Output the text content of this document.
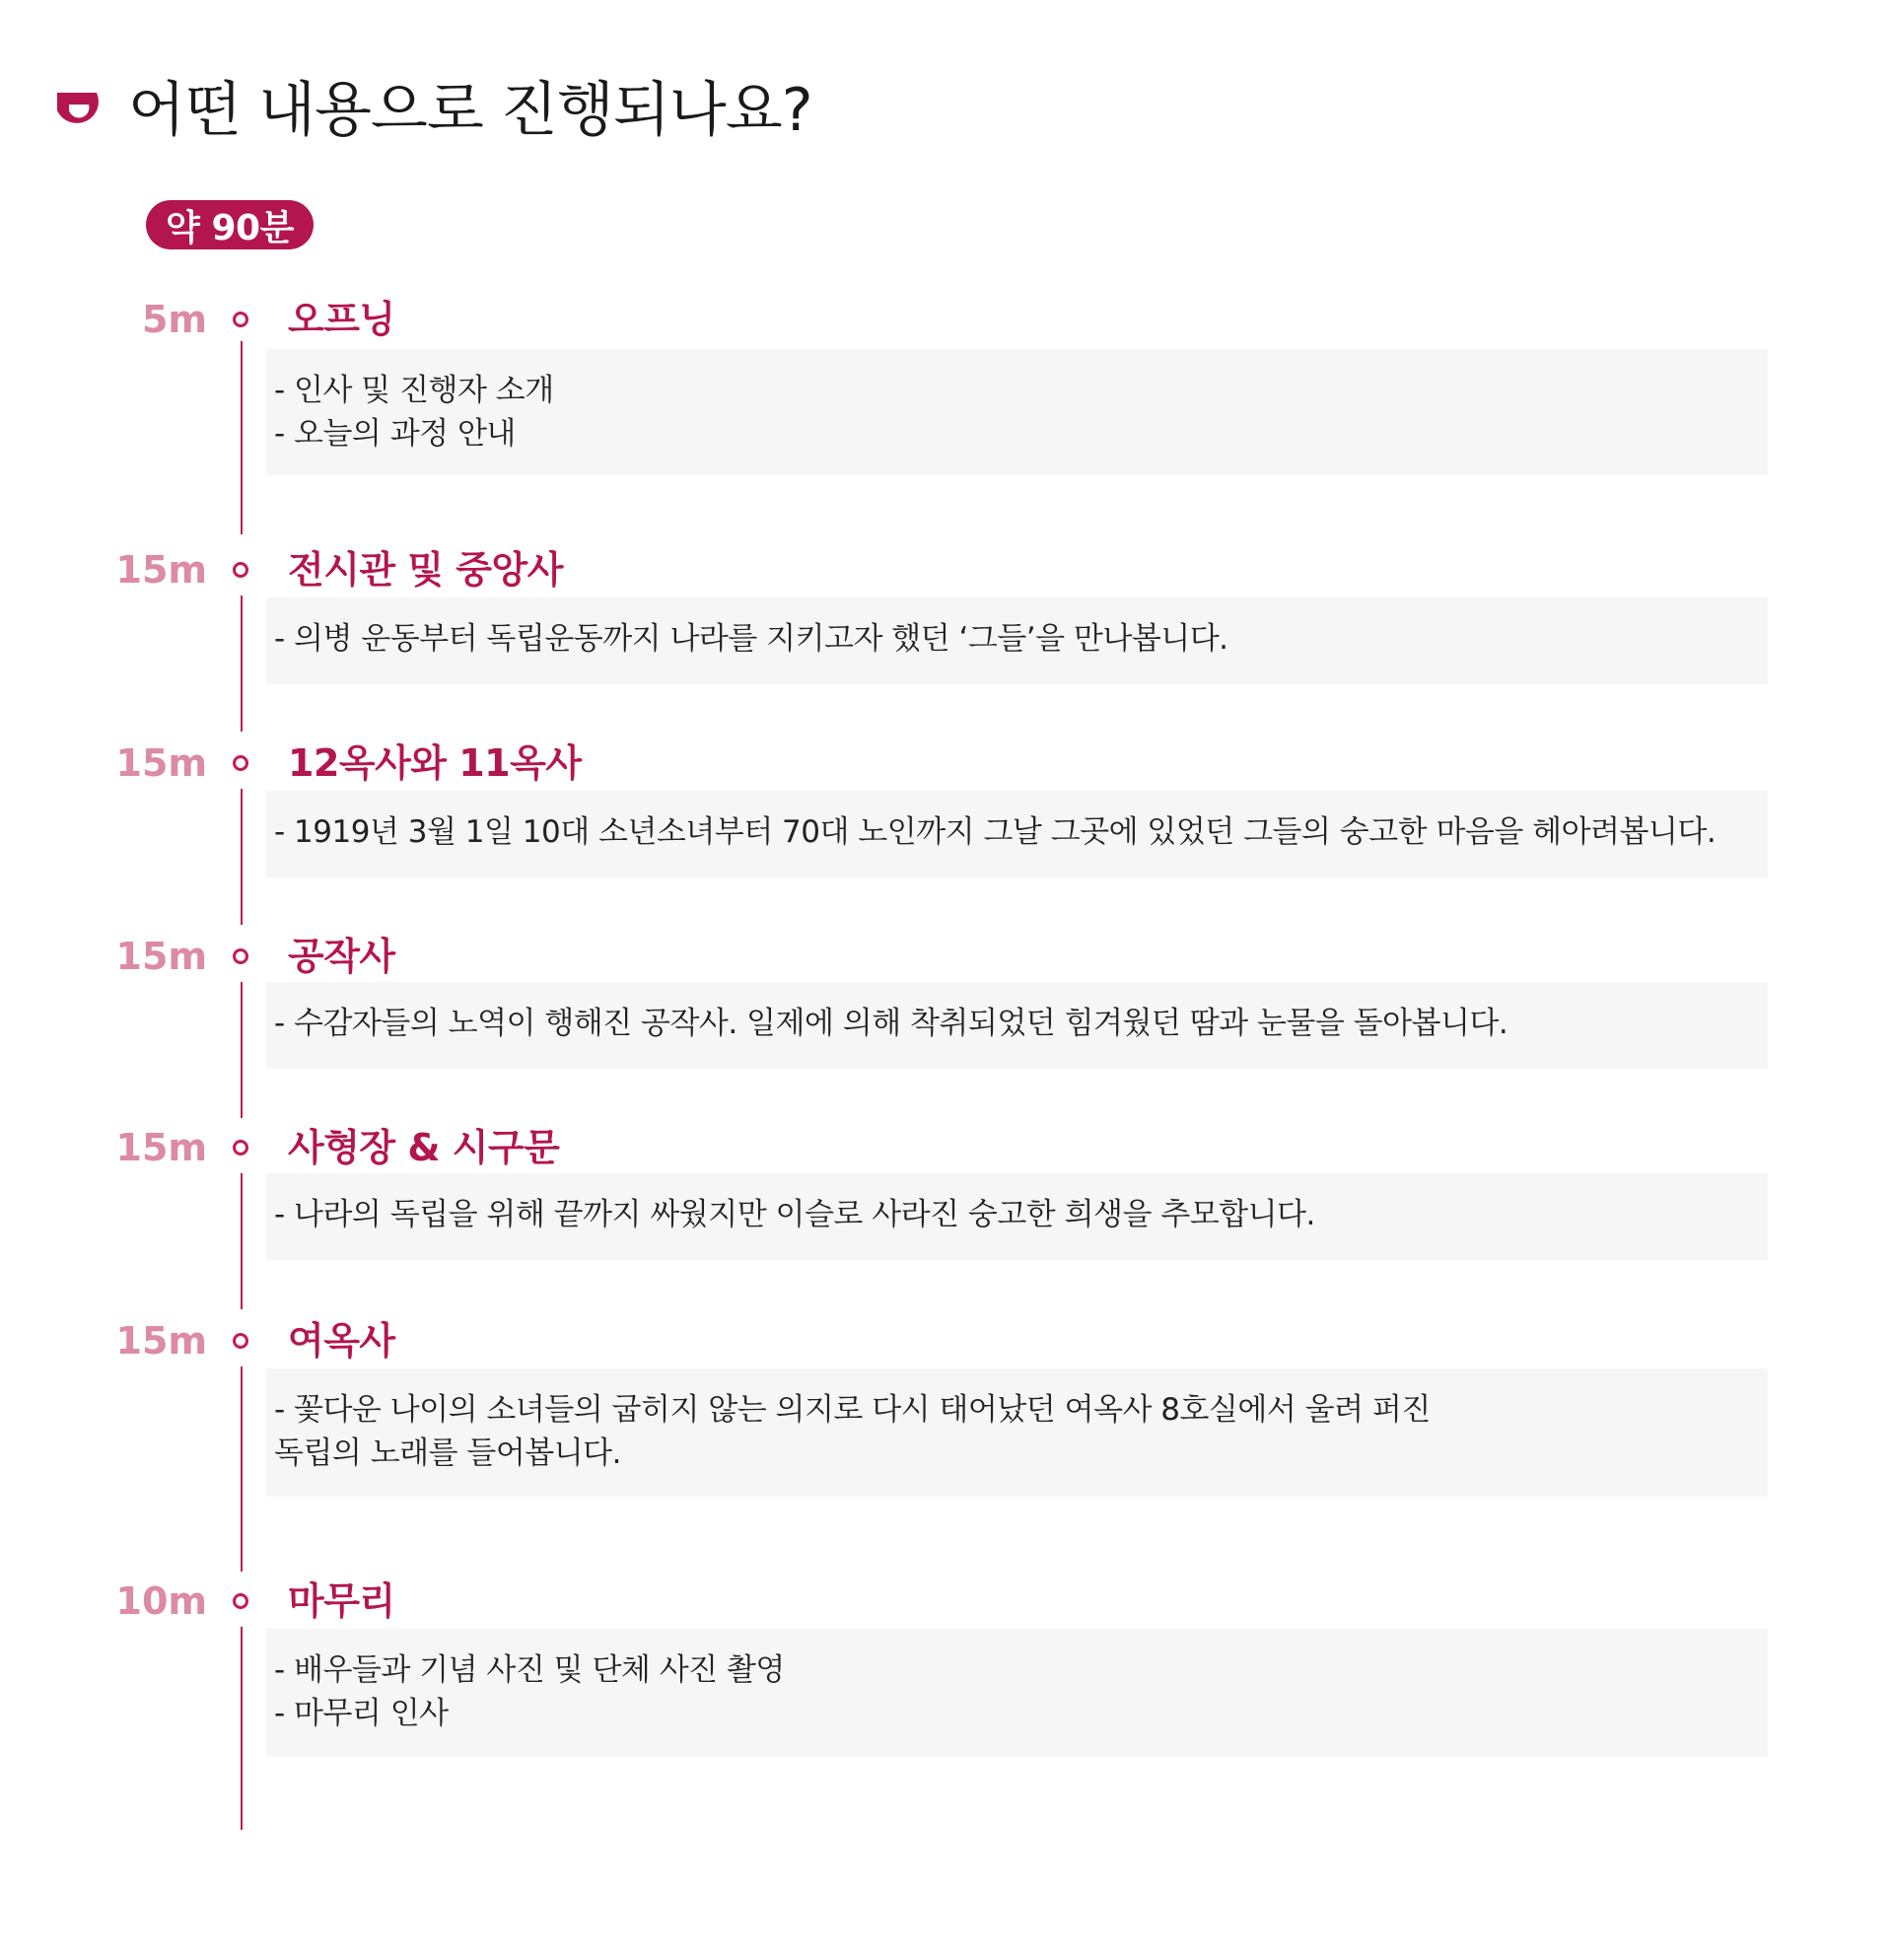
어떤 내용으로 진행되나요?
약 90분
5m 오프닝
- 인사 및 진행자 소개
- 오늘의 과정 안내
15m 전시관 및 중앙사
- 의병 운동부터 독립운동까지 나라를 지키고자 했던 ‘그들’을 만나봅니다.
15m 12옥사와 11옥사
- 1919년 3월 1일 10대 소년소녀부터 70대 노인까지 그날 그곳에 있었던 그들의 숭고한 마음을 헤아려봅니다.
15m 공작사
- 수감자들의 노역이 행해진 공작사. 일제에 의해 착취되었던 힘겨웠던 땀과 눈물을 돌아봅니다.
15m 사형장 & 시구문
- 나라의 독립을 위해 끝까지 싸웠지만 이슬로 사라진 숭고한 희생을 추모합니다.
15m 여옥사
- 꽃다운 나이의 소녀들의 굽히지 않는 의지로 다시 태어났던 여옥사 8호실에서 울려 퍼진
독립의 노래를 들어봅니다.
10m 마무리
- 배우들과 기념 사진 및 단체 사진 촬영
- 마무리 인사
